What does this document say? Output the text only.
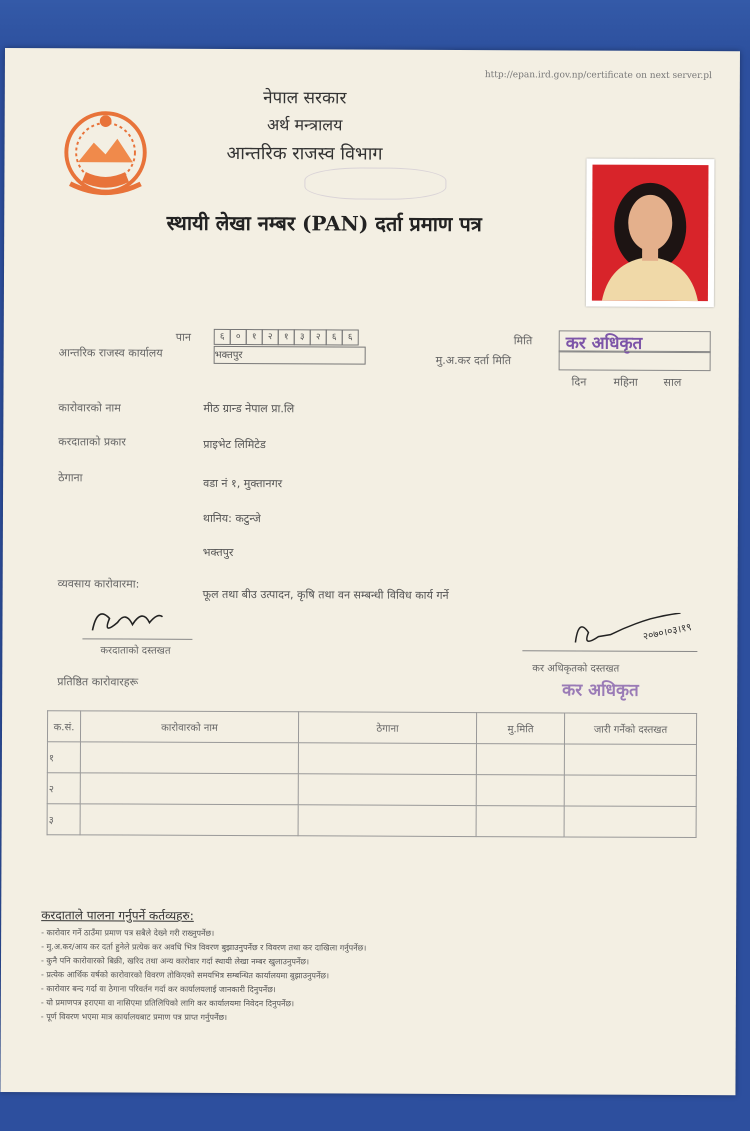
http://epan.ird.gov.np/certificate on next server.pl
नेपाल सरकार
अर्थ मन्त्रालय
आन्तरिक राजस्व विभाग
स्थायी लेखा नम्बर (PAN) दर्ता प्रमाण पत्र
पान	६	०	१	२	१	३	२	६	६
आन्तरिक राजस्व कार्यालय	भक्तपुर
मिति कर अधिकृत
मु.अ.कर दर्ता मिति
दिन महिना साल
कारोवारको नाम	मीठ ग्रान्ड नेपाल प्रा.लि
करदाताको प्रकार	प्राइभेट लिमिटेड
ठेगाना	वडा नं १, मुक्तानगर
थानिय: कटुन्जे
भक्तपुर
व्यवसाय कारोवारमा:
फूल तथा बीउ उत्पादन, कृषि तथा वन सम्बन्धी विविध कार्य गर्ने
करदाताको दस्तखत
२०७०।०३।१९
कर अधिकृतको दस्तखत
कर अधिकृत
प्रतिष्ठित कारोवारहरू
क.सं.	कारोवारको नाम	ठेगाना	मु.मिति	जारी गर्नेको दस्तखत
१				
२				
३				
करदाताले पालना गर्नुपर्ने कर्तव्यहरु:
- कारोवार गर्ने ठाउँमा प्रमाण पत्र सबैले देख्ने गरी राख्नुपर्नेछ।
- मु.अ.कर/आय कर दर्ता हुनेले प्रत्येक कर अवधि भित्र विवरण बुझाउनुपर्नेछ र विवरण तथा कर दाखिला गर्नुपर्नेछ।
- कुनै पनि कारोवारको बिक्री, खरिद तथा अन्य कारोवार गर्दा स्थायी लेखा नम्बर खुलाउनुपर्नेछ।
- प्रत्येक आर्थिक वर्षको कारोवारको विवरण तोकिएको समयभित्र सम्बन्धित कार्यालयमा बुझाउनुपर्नेछ।
- कारोवार बन्द गर्दा वा ठेगाना परिवर्तन गर्दा कर कार्यालयलाई जानकारी दिनुपर्नेछ।
- यो प्रमाणपत्र हराएमा वा नासिएमा प्रतिलिपिको लागि कर कार्यालयमा निवेदन दिनुपर्नेछ।
- पूर्ण विवरण भएमा मात्र कार्यालयबाट प्रमाण पत्र प्राप्त गर्नुपर्नेछ।
